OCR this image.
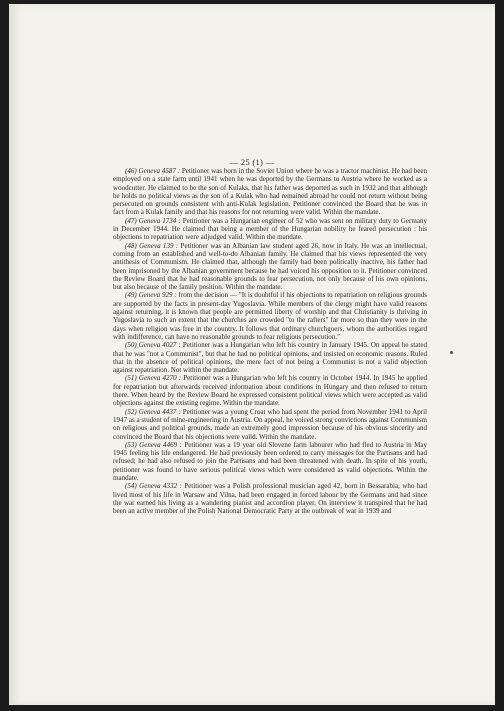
— 25 (1) —

(46) Geneva 4587 : Petitioner was born in the Soviet Union where he was a tractor machinist. He had been employed on a state farm until 1941 when he was deported by the Germans to Austria where he worked as a woodcutter. He claimed to be the son of Kulaks, that his father was deported as such in 1932 and that although he holds no political views as the son of a Kulak who had remained abroad he could not return without being persecuted on grounds consistent with anti-Kulak legislation. Petitioner convinced the Board that he was in fact from a Kulak family and that his reasons for not returning were valid. Within the mandate.

(47) Geneva 1734 : Petitioner was a Hungarian engineer of 52 who was sent on military duty to Germany in December 1944. He claimed that being a member of the Hungarian nobility he feared persecution : his objections to repatriation were adjudged valid. Within the mandate.

(48) Geneva 139 : Petitioner was an Albanian law student aged 26, now in Italy. He was an intellectual, coming from an established and well-to-do Albanian family. He claimed that his views represented the very antithesis of Communism. He claimed that, although the family had been politically inactive, his father had been imprisoned by the Albanian government because he had voiced his opposition to it. Petitioner convinced the Review Board that he had reasonable grounds to fear persecution, not only because of his own opinions, but also because of the family position. Within the mandate.

(49) Geneva 929 : from the decision — "It is doubtful if his objections to repatriation on religious grounds are supported by the facts in present-day Yugoslavia. While members of the clergy might have valid reasons against returning, it is known that people are permitted liberty of worship and that Christianity is thriving in Yugoslavia to such an extent that the churches are crowded "to the rafters" far more so than they were in the days when religion was free in the country. It follows that ordinary churchgoers, whom the authorities regard with indifference, can have no reasonable grounds to fear religious persecution."

(50) Geneva 4027 : Petitioner was a Hungarian who left his country in January 1945. On appeal he stated that he was "not a Communist", but that he had no political opinions, and insisted on economic reasons. Ruled that in the absence of political opinions, the mere fact of not being a Communist is not a valid objection against repatriation. Not within the mandate.

(51) Geneva 4270 : Petitioner was a Hungarian who left his country in October 1944. In 1945 he applied for repatriation but afterwards received information about conditions in Hungary and then refused to return there. When heard by the Review Board he expressed consistent political views which were accepted as valid objections against the existing regime. Within the mandate.

(52) Geneva 4437 : Petitioner was a young Croat who had spent the period from November 1941 to April 1947 as a student of mine-engineering in Austria. On appeal, he voiced strong convictions against Communism on religious and political grounds, made an extremely good impression because of his obvious sincerity and convinced the Board that his objections were valid. Within the mandate.

(53) Geneva 4469 : Petitioner was a 19 year old Slovene farm labourer who had fled to Austria in May 1945 feeling his life endangered. He had previously been ordered to carry messages for the Partisans and had refused; he had also refused to join the Partisans and had been threatened with death. In spite of his youth, petitioner was found to have serious political views which were considered as valid objections. Within the mandate.

(54) Geneva 4332 : Petitioner was a Polish professional musician aged 42, born in Bessarabia, who had lived most of his life in Warsaw and Vilna, had been engaged in forced labour by the Germans and had since the war earned his living as a wandering pianist and accordion player. On interview it transpired that he had been an active member of the Polish National Democratic Party at the outbreak of war in 1939 and
